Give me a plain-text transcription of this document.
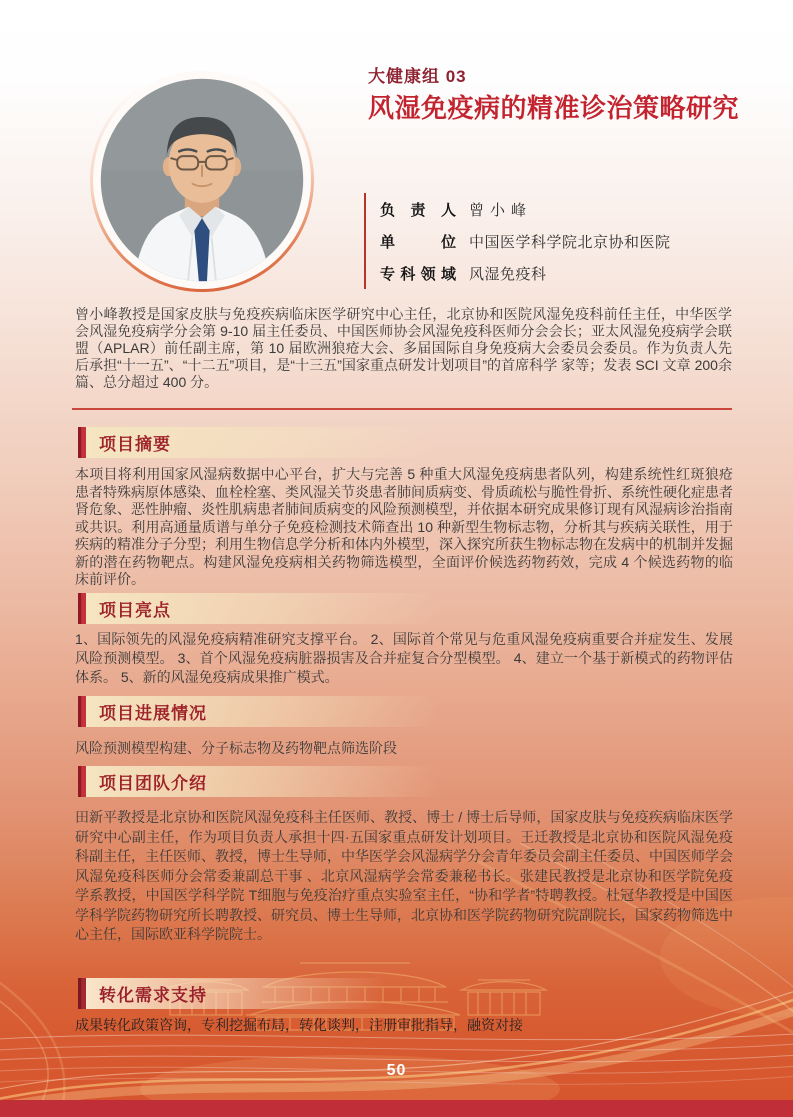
大健康组 03
风湿免疫病的精准诊治策略研究
负责人 曾小峰
单位 中国医学科学院北京协和医院
专科领域 风湿免疫科

曾小峰教授是国家皮肤与免疫疾病临床医学研究中心主任，北京协和医院风湿免疫科前任主任，中华医学会风湿免疫病学分会第 9-10 届主任委员、中国医师协会风湿免疫科医师分会会长；亚太风湿免疫病学会联盟（APLAR）前任副主席，第 10 届欧洲狼疮大会、多届国际自身免疫病大会委员会委员。作为负责人先后承担“十一五”、“十二五”项目，是“十三五”国家重点研发计划项目”的首席科学 家等；发表 SCI 文章 200余篇、总分超过 400 分。

项目摘要

本项目将利用国家风湿病数据中心平台，扩大与完善 5 种重大风湿免疫病患者队列，构建系统性红斑狼疮患者特殊病原体感染、血栓栓塞、类风湿关节炎患者肺间质病变、骨质疏松与脆性骨折、系统性硬化症患者肾危象、恶性肿瘤、炎性肌病患者肺间质病变的风险预测模型，并依据本研究成果修订现有风湿病诊治指南或共识。利用高通量质谱与单分子免疫检测技术筛查出 10 种新型生物标志物，分析其与疾病关联性，用于疾病的精准分子分型；利用生物信息学分析和体内外模型，深入探究所获生物标志物在发病中的机制并发掘新的潜在药物靶点。构建风湿免疫病相关药物筛选模型，全面评价候选药物药效，完成 4 个候选药物的临床前评价。

项目亮点

1、国际领先的风湿免疫病精准研究支撑平台。 2、国际首个常见与危重风湿免疫病重要合并症发生、发展风险预测模型。 3、首个风湿免疫病脏器损害及合并症复合分型模型。 4、建立一个基于新模式的药物评估体系。 5、新的风湿免疫病成果推广模式。

项目进展情况

风险预测模型构建、分子标志物及药物靶点筛选阶段

项目团队介绍

田新平教授是北京协和医院风湿免疫科主任医师、教授、博士 / 博士后导师，国家皮肤与免疫疾病临床医学研究中心副主任，作为项目负责人承担十四·五国家重点研发计划项目。王迁教授是北京协和医院风湿免疫科副主任，主任医师、教授，博士生导师，中华医学会风湿病学分会青年委员会副主任委员、中国医师学会风湿免疫科医师分会常委兼副总干事 、北京风湿病学会常委兼秘书长。张建民教授是北京协和医学院免疫学系教授，中国医学科学院 T细胞与免疫治疗重点实验室主任，“协和学者”特聘教授。杜冠华教授是中国医学科学院药物研究所长聘教授、研究员、博士生导师，北京协和医学院药物研究院副院长，国家药物筛选中心主任，国际欧亚科学院院士。

转化需求支持

成果转化政策咨询，专利挖掘布局，转化谈判，注册审批指导，融资对接

50
